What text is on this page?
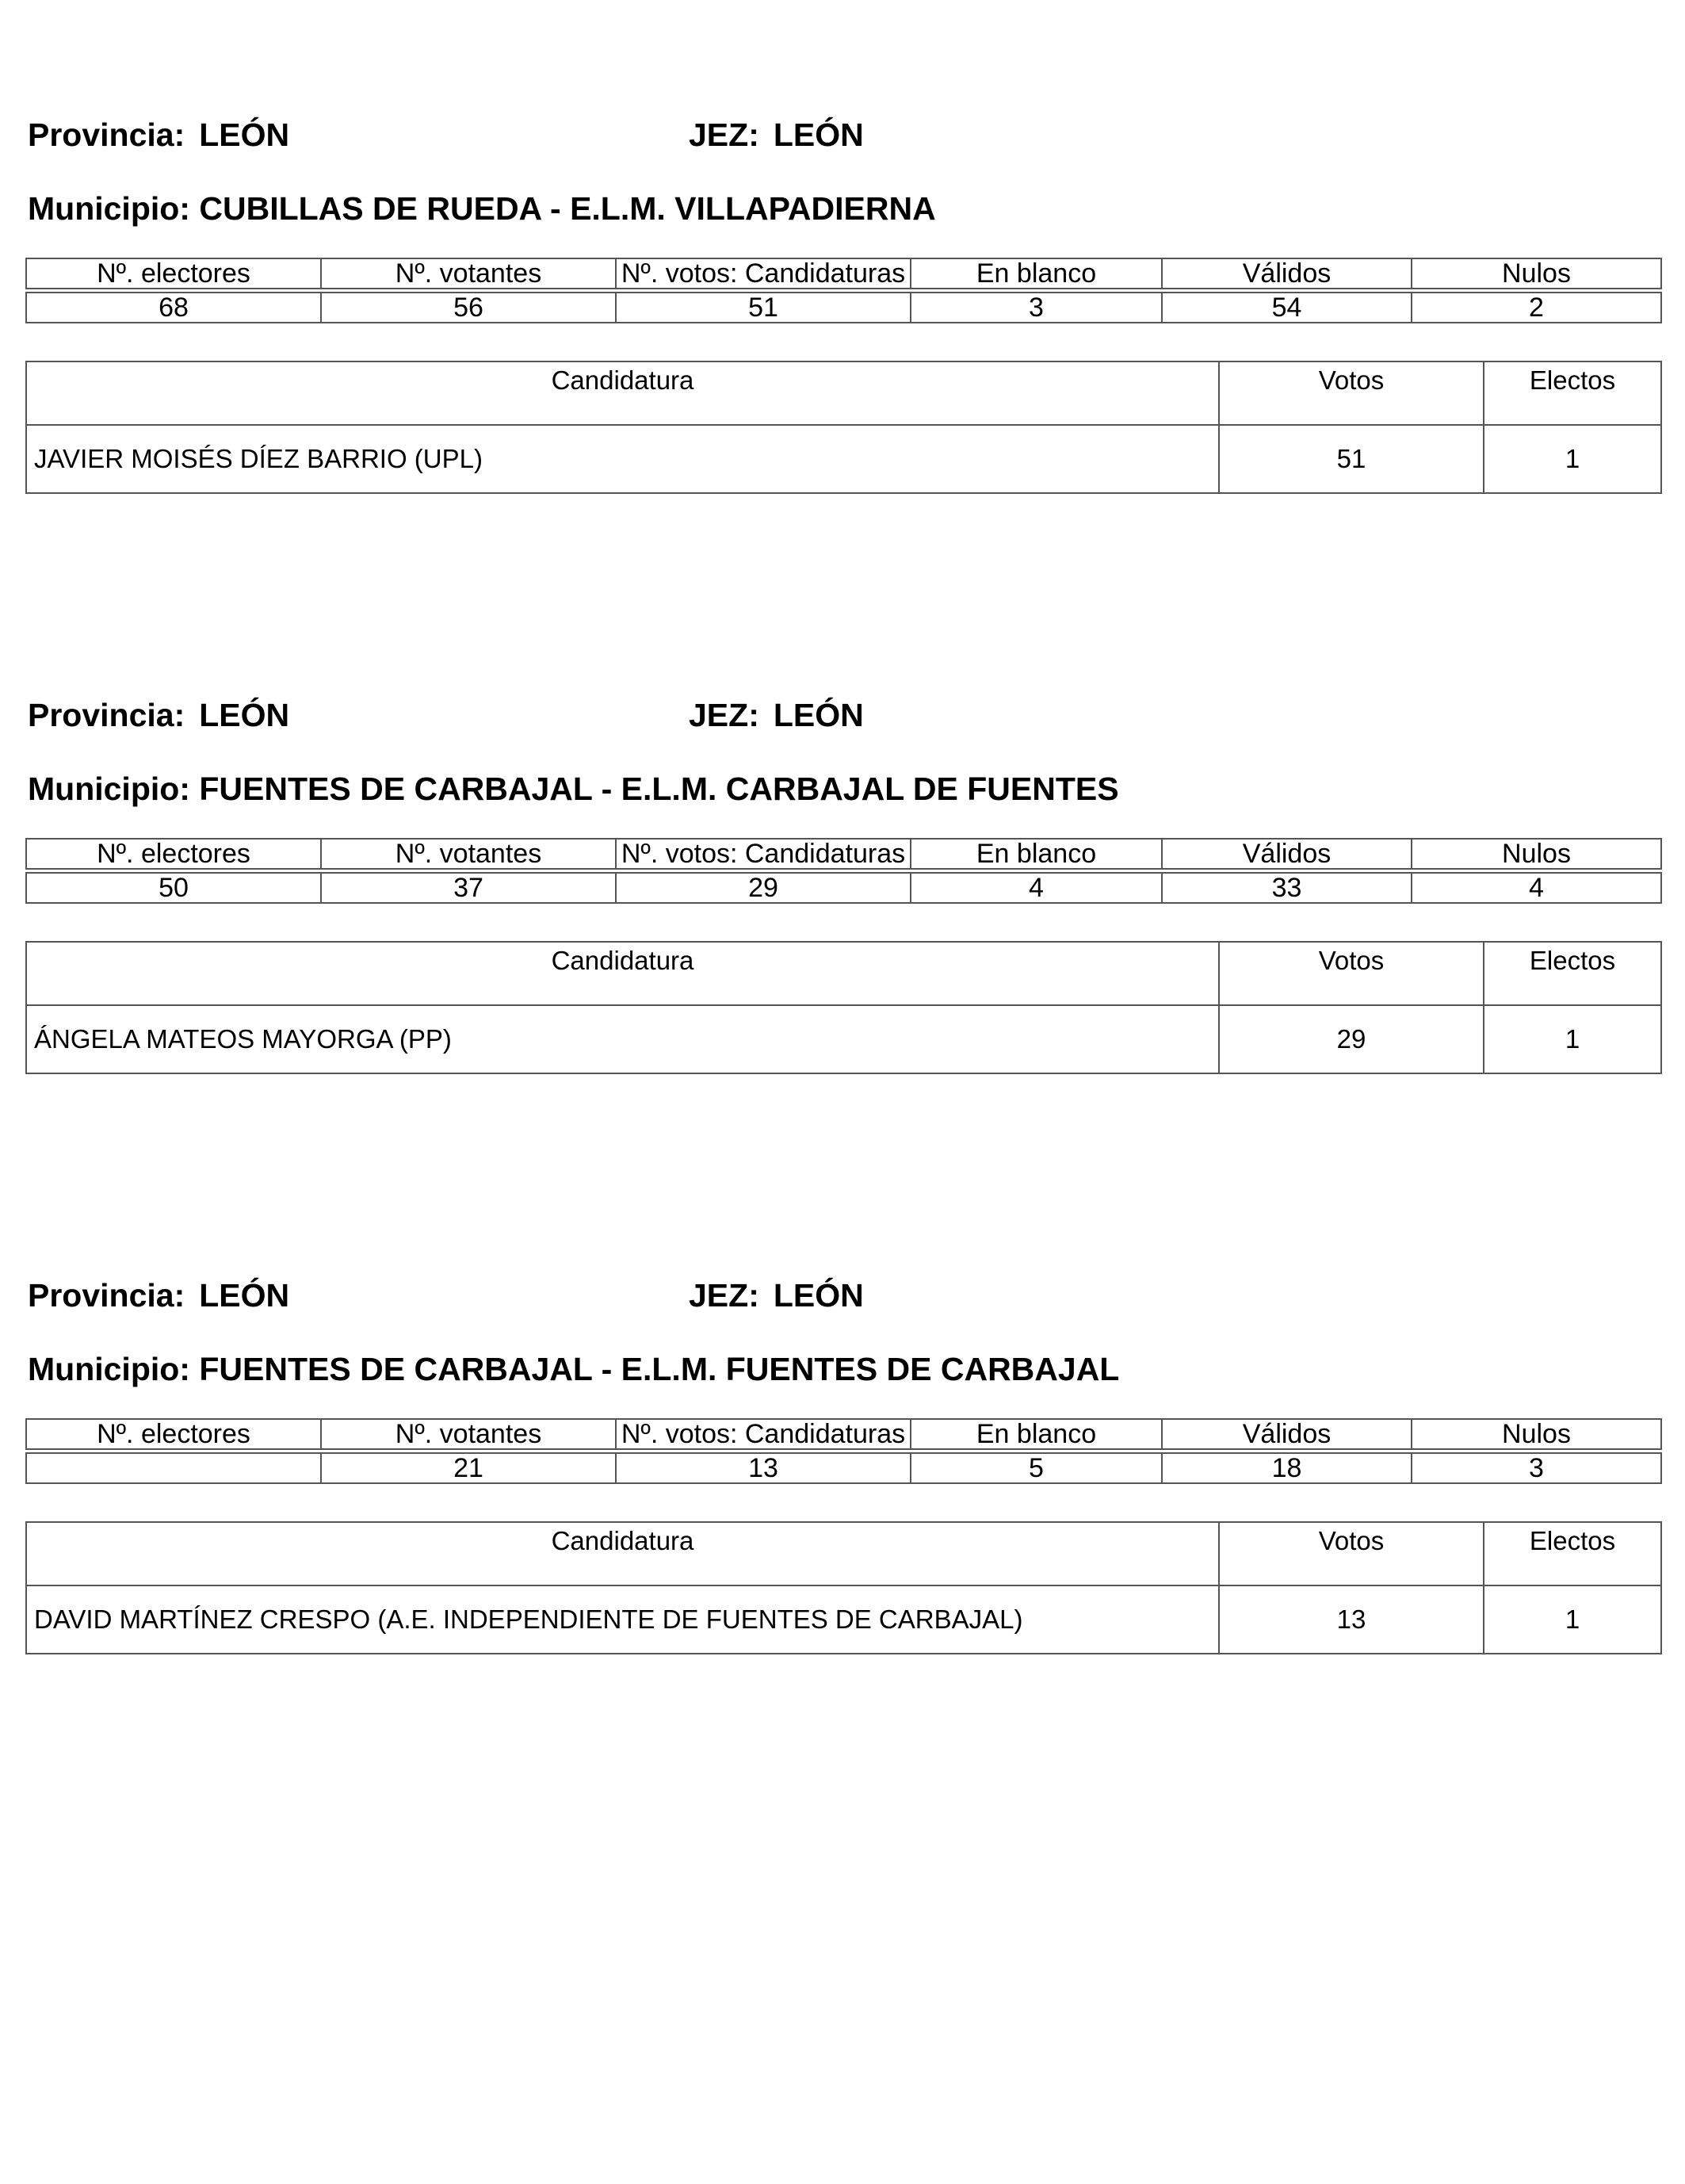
Provincia: LEÓN	JEZ: LEÓN
Municipio: CUBILLAS DE RUEDA - E.L.M. VILLAPADIERNA
Nº. electores	Nº. votantes	Nº. votos: Candidaturas	En blanco	Válidos	Nulos
68	56	51	3	54	2
Candidatura	Votos	Electos
JAVIER MOISÉS DÍEZ BARRIO (UPL)	51	1
Provincia: LEÓN	JEZ: LEÓN
Municipio: FUENTES DE CARBAJAL - E.L.M. CARBAJAL DE FUENTES
Nº. electores	Nº. votantes	Nº. votos: Candidaturas	En blanco	Válidos	Nulos
50	37	29	4	33	4
Candidatura	Votos	Electos
ÁNGELA MATEOS MAYORGA (PP)	29	1
Provincia: LEÓN	JEZ: LEÓN
Municipio: FUENTES DE CARBAJAL - E.L.M. FUENTES DE CARBAJAL
Nº. electores	Nº. votantes	Nº. votos: Candidaturas	En blanco	Válidos	Nulos
	21	13	5	18	3
Candidatura	Votos	Electos
DAVID MARTÍNEZ CRESPO (A.E. INDEPENDIENTE DE FUENTES DE CARBAJAL)	13	1
